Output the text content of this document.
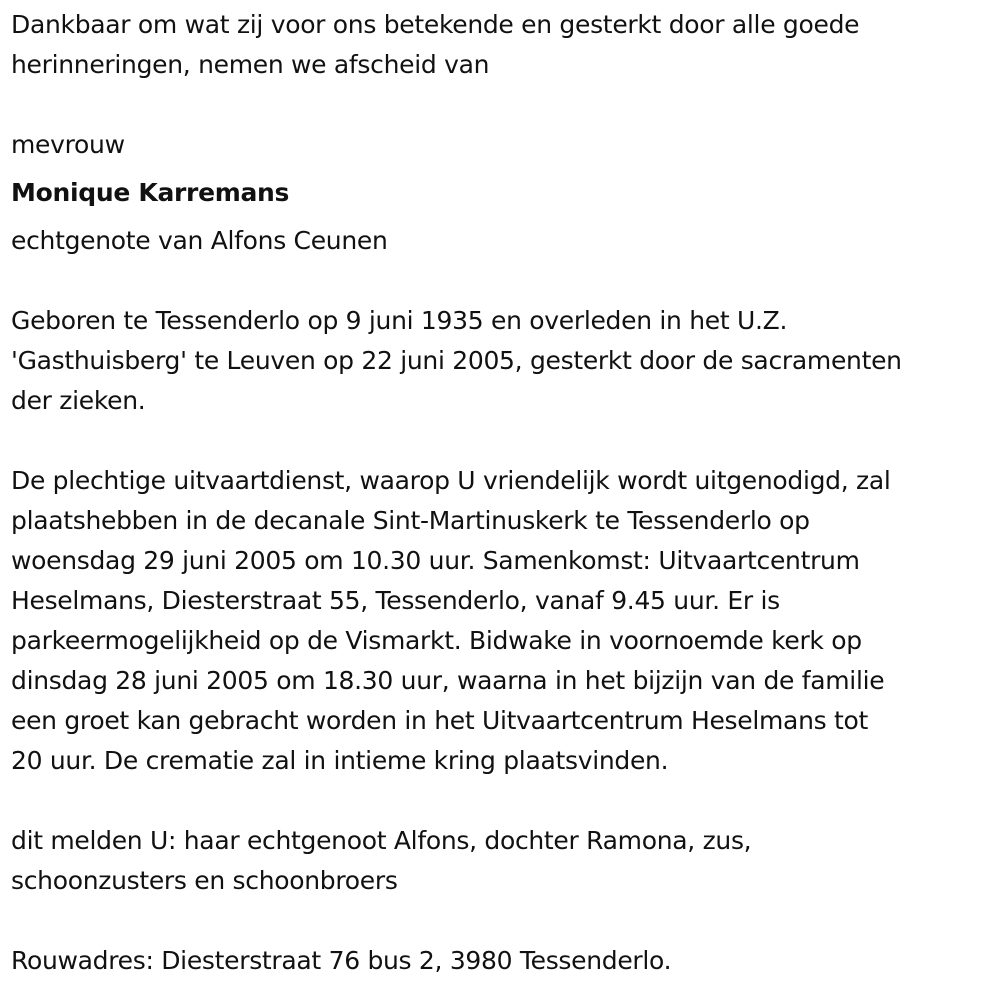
Dankbaar om wat zij voor ons betekende en gesterkt door alle goede
herinneringen, nemen we afscheid van
mevrouw
Monique Karremans
echtgenote van Alfons Ceunen
Geboren te Tessenderlo op 9 juni 1935 en overleden in het U.Z.
'Gasthuisberg' te Leuven op 22 juni 2005, gesterkt door de sacramenten
der zieken.
De plechtige uitvaartdienst, waarop U vriendelijk wordt uitgenodigd, zal
plaatshebben in de decanale Sint-Martinuskerk te Tessenderlo op
woensdag 29 juni 2005 om 10.30 uur. Samenkomst: Uitvaartcentrum
Heselmans, Diesterstraat 55, Tessenderlo, vanaf 9.45 uur. Er is
parkeermogelijkheid op de Vismarkt. Bidwake in voornoemde kerk op
dinsdag 28 juni 2005 om 18.30 uur, waarna in het bijzijn van de familie
een groet kan gebracht worden in het Uitvaartcentrum Heselmans tot
20 uur. De crematie zal in intieme kring plaatsvinden.
dit melden U: haar echtgenoot Alfons, dochter Ramona, zus,
schoonzusters en schoonbroers
Rouwadres: Diesterstraat 76 bus 2, 3980 Tessenderlo.
